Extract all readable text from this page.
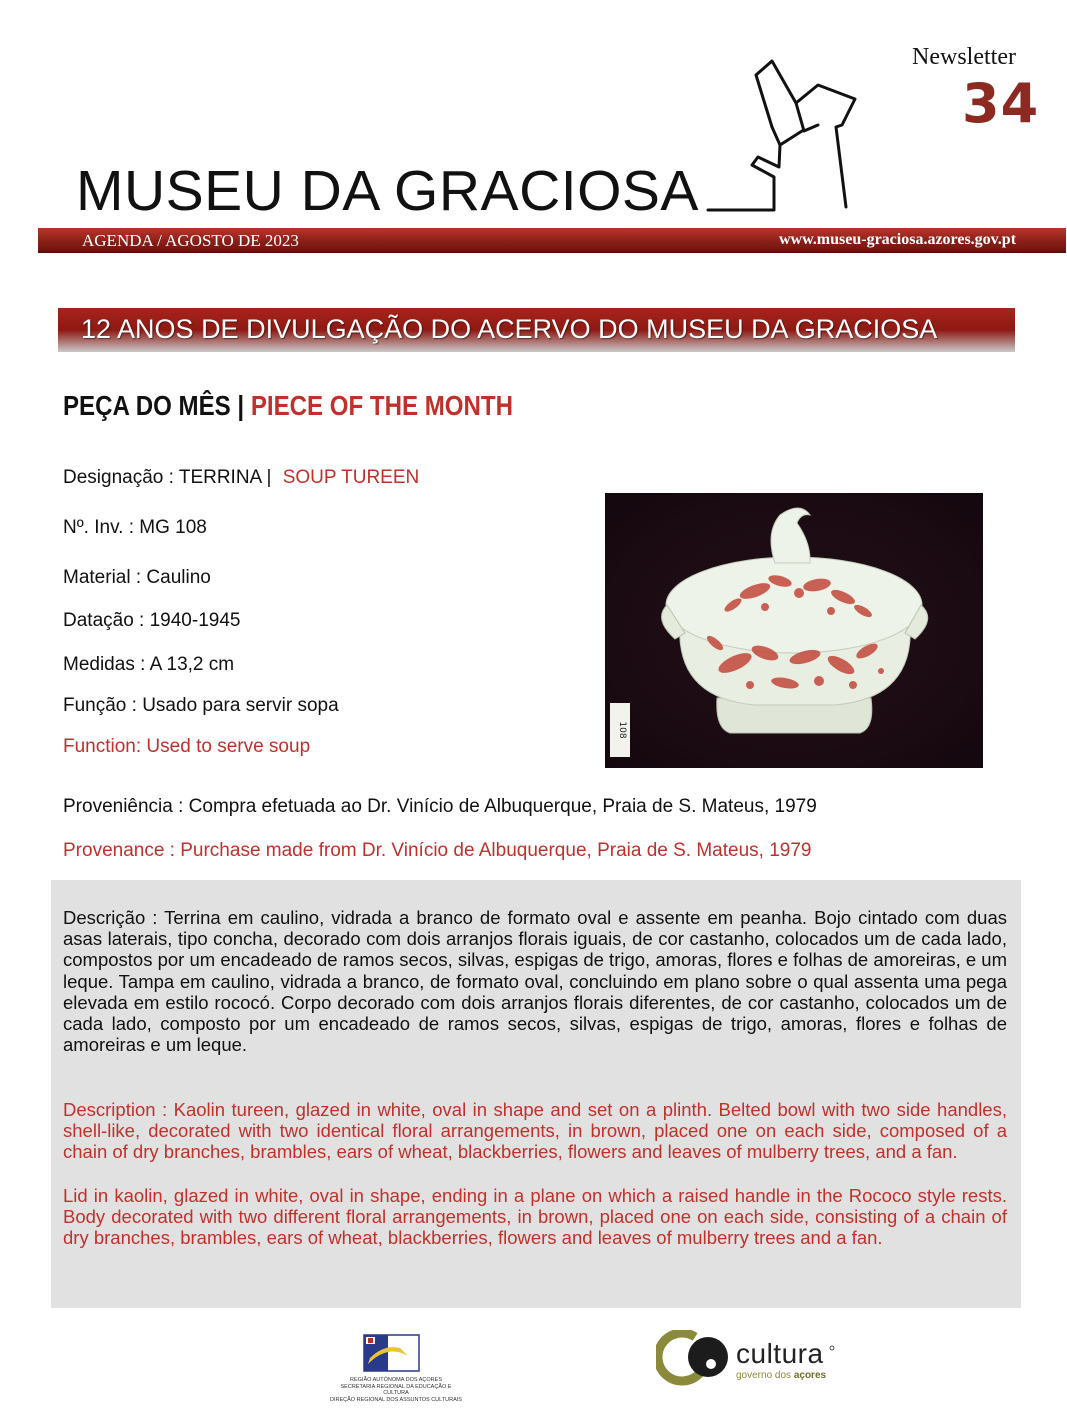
Newsletter
34
MUSEU DA GRACIOSA
AGENDA / AGOSTO DE 2023	www.museu-graciosa.azores.gov.pt
12 ANOS DE DIVULGAÇÃO DO ACERVO DO MUSEU DA GRACIOSA
PEÇA DO MÊS | PIECE OF THE MONTH
Designação : TERRINA | SOUP TUREEN
Nº. Inv. : MG 108
Material : Caulino
Datação : 1940-1945
Medidas : A 13,2 cm
Função : Usado para servir sopa
Function: Used to serve soup
108
Proveniência : Compra efetuada ao Dr. Vinício de Albuquerque, Praia de S. Mateus, 1979
Provenance : Purchase made from Dr. Vinício de Albuquerque, Praia de S. Mateus, 1979
Descrição : Terrina em caulino, vidrada a branco de formato oval e assente em peanha. Bojo cintado com duas asas laterais, tipo concha, decorado com dois arranjos florais iguais, de cor castanho, colocados um de cada lado, compostos por um encadeado de ramos secos, silvas, espigas de trigo, amoras, flores e folhas de amoreiras, e um leque. Tampa em caulino, vidrada a branco, de formato oval, concluindo em plano sobre o qual assenta uma pega elevada em estilo rococó. Corpo decorado com dois arranjos florais diferentes, de cor castanho, colocados um de cada lado, composto por um encadeado de ramos secos, silvas, espigas de trigo, amoras, flores e folhas de amoreiras e um leque.
Description : Kaolin tureen, glazed in white, oval in shape and set on a plinth. Belted bowl with two side handles, shell-like, decorated with two identical floral arrangements, in brown, placed one on each side, composed of a chain of dry branches, brambles, ears of wheat, blackberries, flowers and leaves of mulberry trees, and a fan.
Lid in kaolin, glazed in white, oval in shape, ending in a plane on which a raised handle in the Rococo style rests. Body decorated with two different floral arrangements, in brown, placed one on each side, consisting of a chain of dry branches, brambles, ears of wheat, blackberries, flowers and leaves of mulberry trees and a fan.
REGIÃO AUTÓNOMA DOS AÇORES
SECRETARIA REGIONAL DA EDUCAÇÃO E CULTURA
DIREÇÃO REGIONAL DOS ASSUNTOS CULTURAIS
cultura
governo dos açores
